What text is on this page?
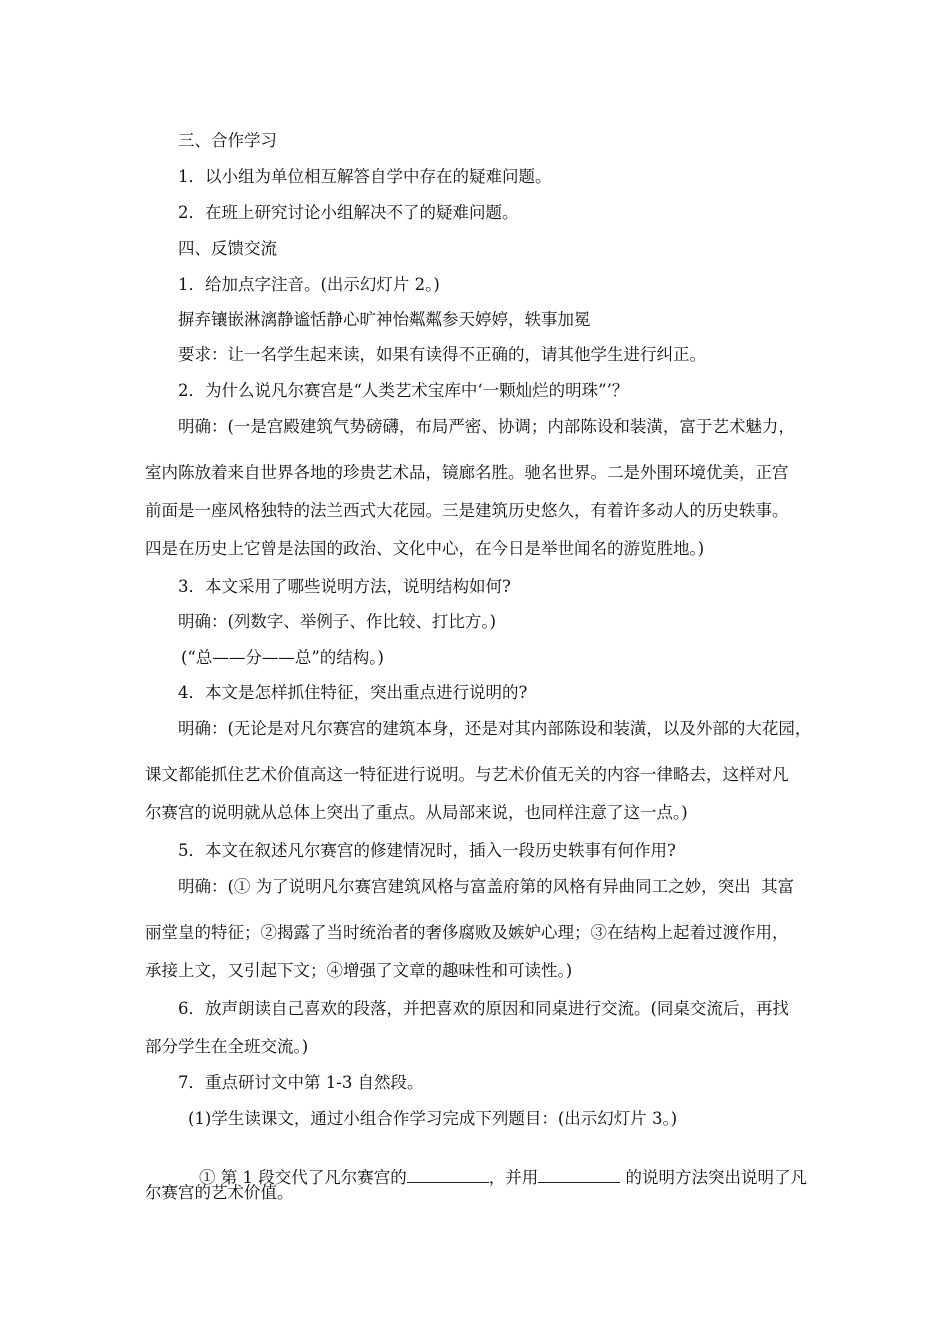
三、合作学习
1．以小组为单位相互解答自学中存在的疑难问题。
2．在班上研究讨论小组解决不了的疑难问题。
四、反馈交流
1．给加点字注音。(出示幻灯片 2。)
摒弃镶嵌淋漓静谧恬静心旷神怡粼粼参天婷婷，轶事加冕
要求：让一名学生起来读，如果有读得不正确的，请其他学生进行纠正。
2．为什么说凡尔赛宫是“人类艺术宝库中‘一颗灿烂的明珠”’？
明确：(一是宫殿建筑气势磅礴，布局严密、协调；内部陈设和装潢，富于艺术魅力，
室内陈放着来自世界各地的珍贵艺术品，镜廊名胜。驰名世界。二是外围环境优美，正宫
前面是一座风格独特的法兰西式大花园。三是建筑历史悠久，有着许多动人的历史轶事。
四是在历史上它曾是法国的政治、文化中心，在今日是举世闻名的游览胜地。)
3．本文采用了哪些说明方法，说明结构如何?
明确：(列数字、举例子、作比较、打比方。)
(“总——分——总”的结构。)
4．本文是怎样抓住特征，突出重点进行说明的?
明确：(无论是对凡尔赛宫的建筑本身，还是对其内部陈设和装潢，以及外部的大花园，
课文都能抓住艺术价值高这一特征进行说明。与艺术价值无关的内容一律略去，这样对凡
尔赛宫的说明就从总体上突出了重点。从局部来说，也同样注意了这一点。)
5．本文在叙述凡尔赛宫的修建情况时，插入一段历史轶事有何作用?
明确：(① 为了说明凡尔赛宫建筑风格与富盖府第的风格有异曲同工之妙，突出  其富
丽堂皇的特征；②揭露了当时统治者的奢侈腐败及嫉妒心理；③在结构上起着过渡作用，
承接上文，又引起下文；④增强了文章的趣味性和可读性。)
6．放声朗读自己喜欢的段落，并把喜欢的原因和同桌进行交流。(同桌交流后，再找
部分学生在全班交流。)
7．重点研讨文中第 1-3 自然段。
(1)学生读课文，通过小组合作学习完成下列题目：(出示幻灯片 3。)

① 第 1 段交代了凡尔赛宫的	，并用	的说明方法突出说明了凡

尔赛宫的艺术价值。
